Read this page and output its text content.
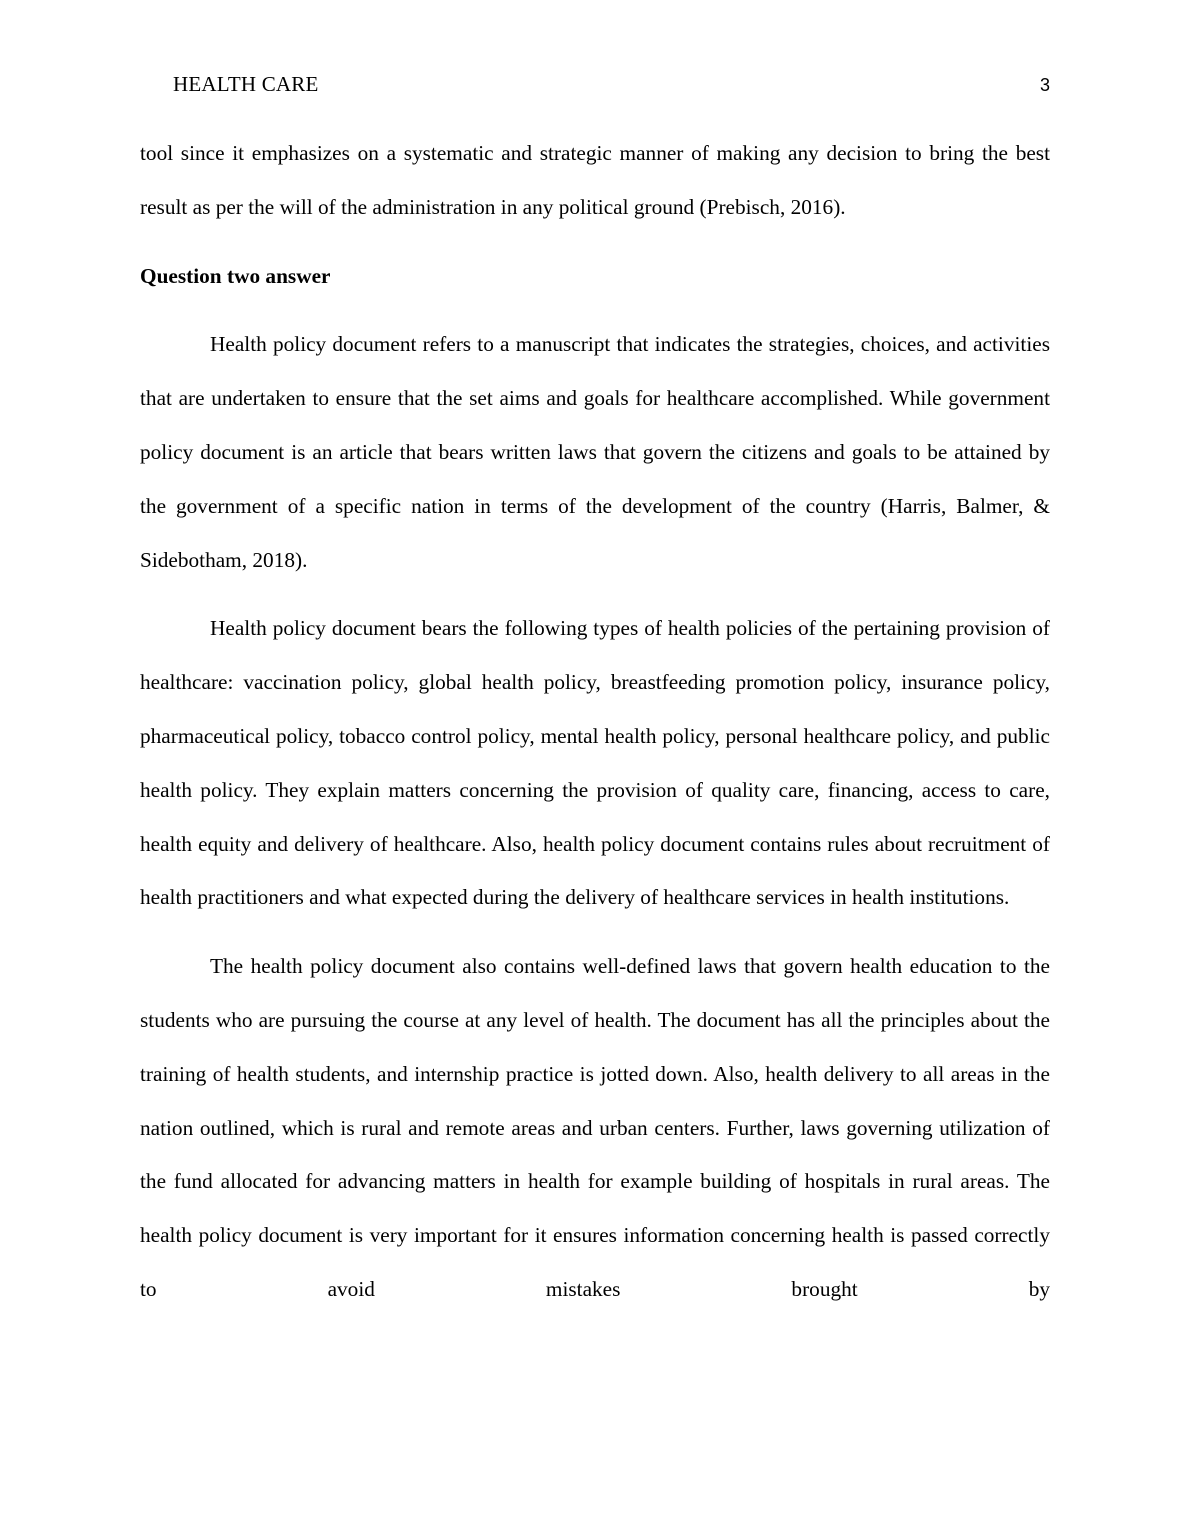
HEALTH CARE	3

tool since it emphasizes on a systematic and strategic manner of making any decision to bring the best result as per the will of the administration in any political ground (Prebisch, 2016).

Question two answer

Health policy document refers to a manuscript that indicates the strategies, choices, and activities that are undertaken to ensure that the set aims and goals for healthcare accomplished. While government policy document is an article that bears written laws that govern the citizens and goals to be attained by the government of a specific nation in terms of the development of the country (Harris, Balmer, & Sidebotham, 2018).

Health policy document bears the following types of health policies of the pertaining provision of healthcare: vaccination policy, global health policy, breastfeeding promotion policy, insurance policy, pharmaceutical policy, tobacco control policy, mental health policy, personal healthcare policy, and public health policy. They explain matters concerning the provision of quality care, financing, access to care, health equity and delivery of healthcare. Also, health policy document contains rules about recruitment of health practitioners and what expected during the delivery of healthcare services in health institutions.

The health policy document also contains well-defined laws that govern health education to the students who are pursuing the course at any level of health. The document has all the principles about the training of health students, and internship practice is jotted down. Also, health delivery to all areas in the nation outlined, which is rural and remote areas and urban centers. Further, laws governing utilization of the fund allocated for advancing matters in health for example building of hospitals in rural areas. The health policy document is very important for it ensures information concerning health is passed correctly to avoid mistakes brought by
